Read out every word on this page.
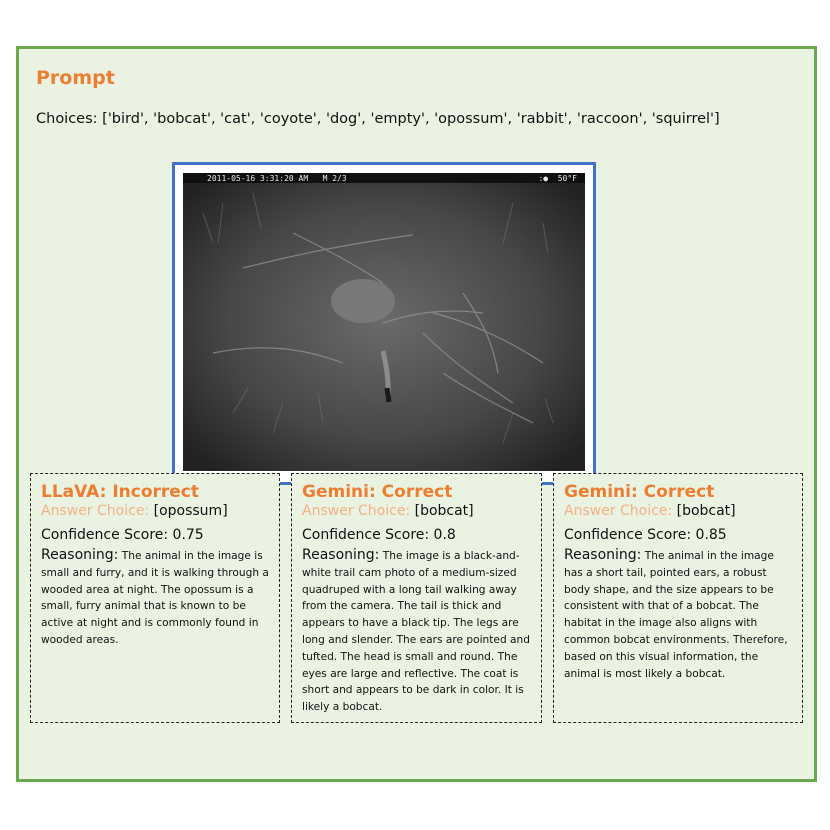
Prompt
Choices: ['bird', 'bobcat', 'cat', 'coyote', 'dog', 'empty', 'opossum', 'rabbit', 'raccoon', 'squirrel']
2011-05-16 3:31:20 AM   M 2/3	:●  50°F
LLaVA: Incorrect
Answer Choice: [opossum]
Confidence Score: 0.75
Reasoning: The animal in the image is small and furry, and it is walking through a wooded area at night. The opossum is a small, furry animal that is known to be active at night and is commonly found in wooded areas.
Gemini: Correct
Answer Choice: [bobcat]
Confidence Score: 0.8
Reasoning: The image is a black-and-white trail cam photo of a medium-sized quadruped with a long tail walking away from the camera. The tail is thick and appears to have a black tip. The legs are long and slender. The ears are pointed and tufted. The head is small and round. The eyes are large and reflective. The coat is short and appears to be dark in color. It is likely a bobcat.
Gemini: Correct
Answer Choice: [bobcat]
Confidence Score: 0.85
Reasoning: The animal in the image has a short tail, pointed ears, a robust body shape, and the size appears to be consistent with that of a bobcat. The habitat in the image also aligns with common bobcat environments. Therefore, based on this visual information, the animal is most likely a bobcat.
